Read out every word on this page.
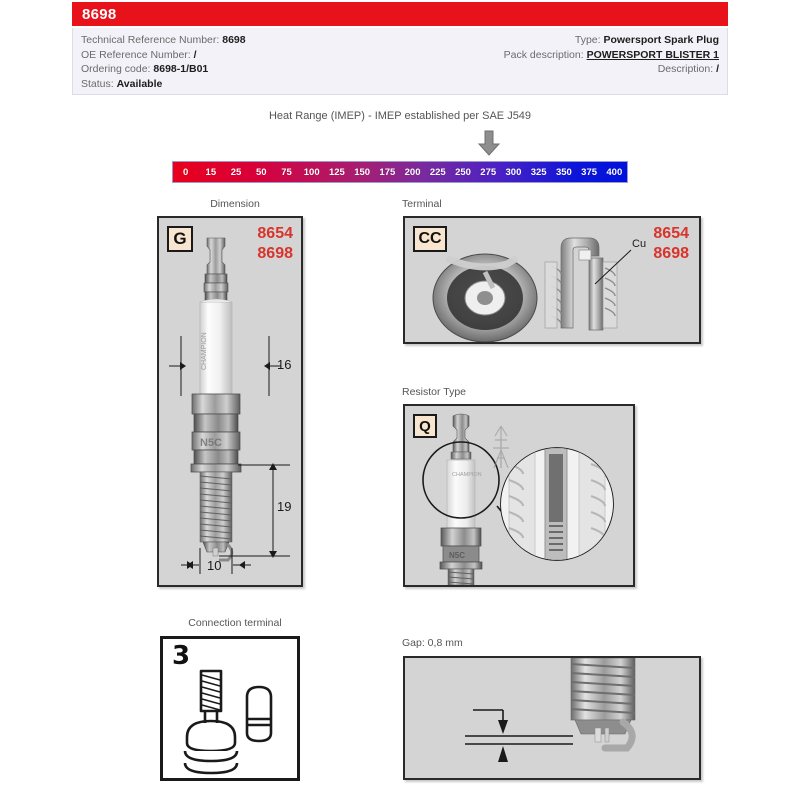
8698
Technical Reference Number: 8698
OE Reference Number: /
Ordering code: 8698-1/B01
Status: Available
Type: Powersport Spark Plug
Pack description: POWERSPORT BLISTER 1
Description: /
Heat Range (IMEP) - IMEP established per SAE J549
0	15	25	50	75	100 125 150 175 200 225 250 275 300 325 350 375 400
Dimension	Terminal
Resistor Type
Connection terminal
Gap: 0,8 mm
G	8654
8698
CHAMPION
N5C
16
19
10
CC	8654
8698
Cu
Q
CHAMPION
N5C
3
